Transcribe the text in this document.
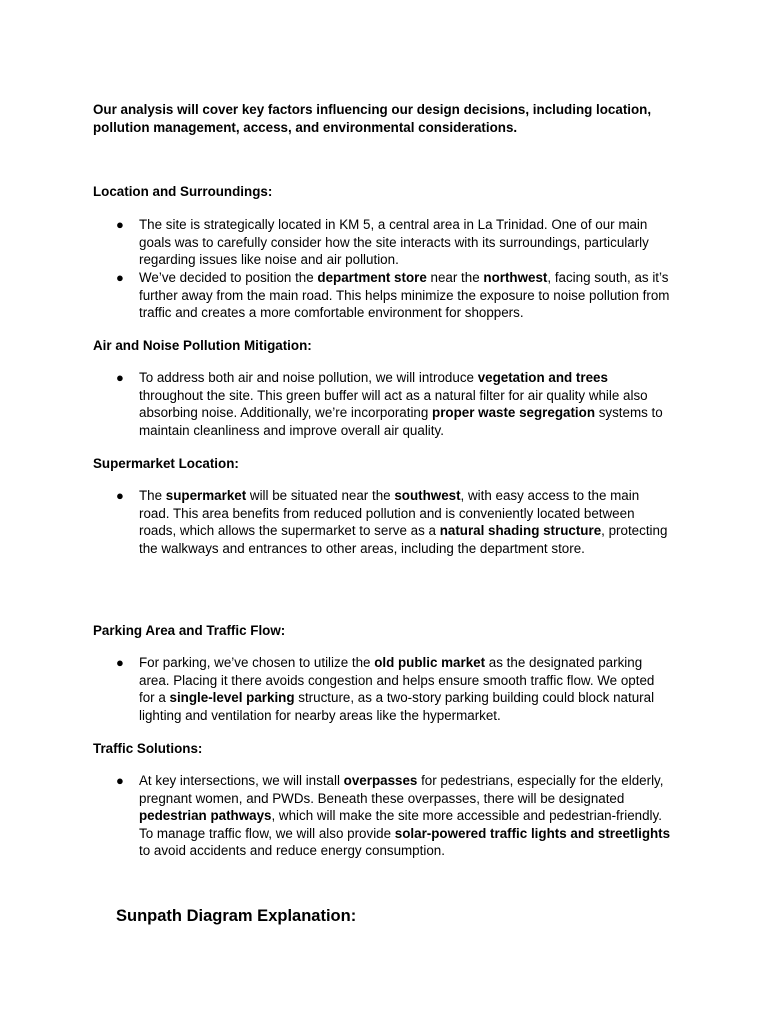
Our analysis will cover key factors influencing our design decisions, including location, pollution management, access, and environmental considerations.

Location and Surroundings:
●	The site is strategically located in KM 5, a central area in La Trinidad. One of our main goals was to carefully consider how the site interacts with its surroundings, particularly regarding issues like noise and air pollution.

●	We’ve decided to position the department store near the northwest, facing south, as it’s further away from the main road. This helps minimize the exposure to noise pollution from traffic and creates a more comfortable environment for shoppers.

Air and Noise Pollution Mitigation:
●	To address both air and noise pollution, we will introduce vegetation and trees throughout the site. This green buffer will act as a natural filter for air quality while also absorbing noise. Additionally, we’re incorporating proper waste segregation systems to maintain cleanliness and improve overall air quality.

Supermarket Location:
●	The supermarket will be situated near the southwest, with easy access to the main road. This area benefits from reduced pollution and is conveniently located between roads, which allows the supermarket to serve as a natural shading structure, protecting the walkways and entrances to other areas, including the department store.

Parking Area and Traffic Flow:
●	For parking, we’ve chosen to utilize the old public market as the designated parking area. Placing it there avoids congestion and helps ensure smooth traffic flow. We opted for a single-level parking structure, as a two-story parking building could block natural lighting and ventilation for nearby areas like the hypermarket.

Traffic Solutions:
●	At key intersections, we will install overpasses for pedestrians, especially for the elderly, pregnant women, and PWDs. Beneath these overpasses, there will be designated pedestrian pathways, which will make the site more accessible and pedestrian-friendly. To manage traffic flow, we will also provide solar-powered traffic lights and streetlights to avoid accidents and reduce energy consumption.

Sunpath Diagram Explanation:
